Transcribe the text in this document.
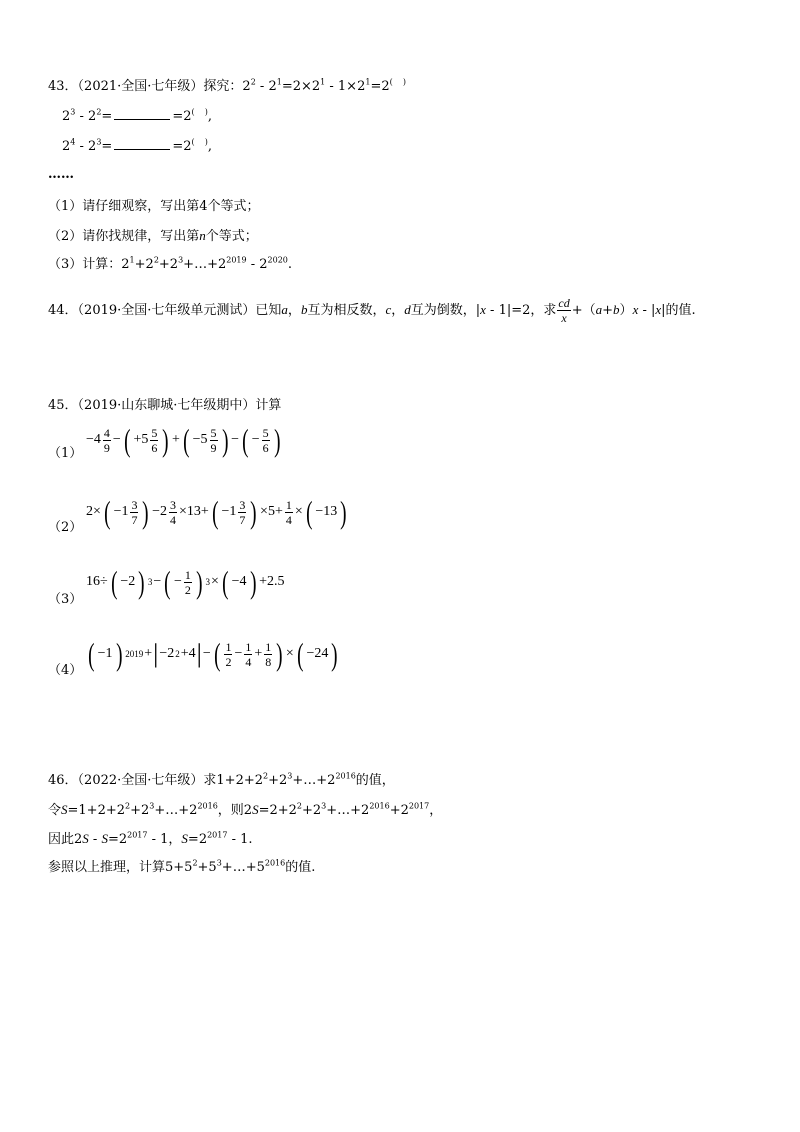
43．（2021·全国·七年级）探究：$2^2 - 2^1=2\times 2^1 - 1\times 2^1=2^{( )}$
$2^3 - 2^2=$	=2(    ),
$2^4 - 2^3=$	=2(    ),
……
（1）请仔细观察，写出第4个等式；
（2）请你找规律，写出第n个等式；
（3）计算：$2^1+2^2+2^3+\dots+2^{2019} - 2^{2020}$.
44．（2019·全国·七年级单元测试）已知a，b互为相反数，c，d互为倒数，|x - 1|=2，求 $\frac{cd}{x} +(a+b)x - |x|$的值.
45．（2019·山东聊城·七年级期中）计算
（1）
$-4 \frac{4}{9}$ − ( $+5 \frac{5}{6}$ ) + ( $-5 \frac{5}{9}$ ) − ( − $\frac{5}{6}$ )
（2）
2× ( $-1 \frac{3}{7}$ ) $-2 \frac{3}{4} \times 13+$ ( $-1 \frac{3}{7}$ ) $\times 5+ \frac{1}{4}$ × ( −13 )
（3）
16÷ ( −2 ) 3 − ( − $\frac{1}{2}$ ) 3 × ( −4 ) +2.5
（4） ( −1 ) 2019 + | −2 2 +4 | − ( $\frac{1}{2} - \frac{1}{4} + \frac{1}{8}$ ) × ( −24 )
46．（2022·全国·七年级）求$1+2+2^2+2^3+\dots+2^{2016}$的值，
令$S=1+2+2^2+2^3+\dots+2^{2016}$，则$2S=2+2^2+2^3+\dots+2^{2016}+2^{2017}$，
因此$2S - S=2^{2017} - 1$，$S=2^{2017} - 1$.
参照以上推理，计算$5+5^2+5^3+\dots+5^{2016}$的值.
